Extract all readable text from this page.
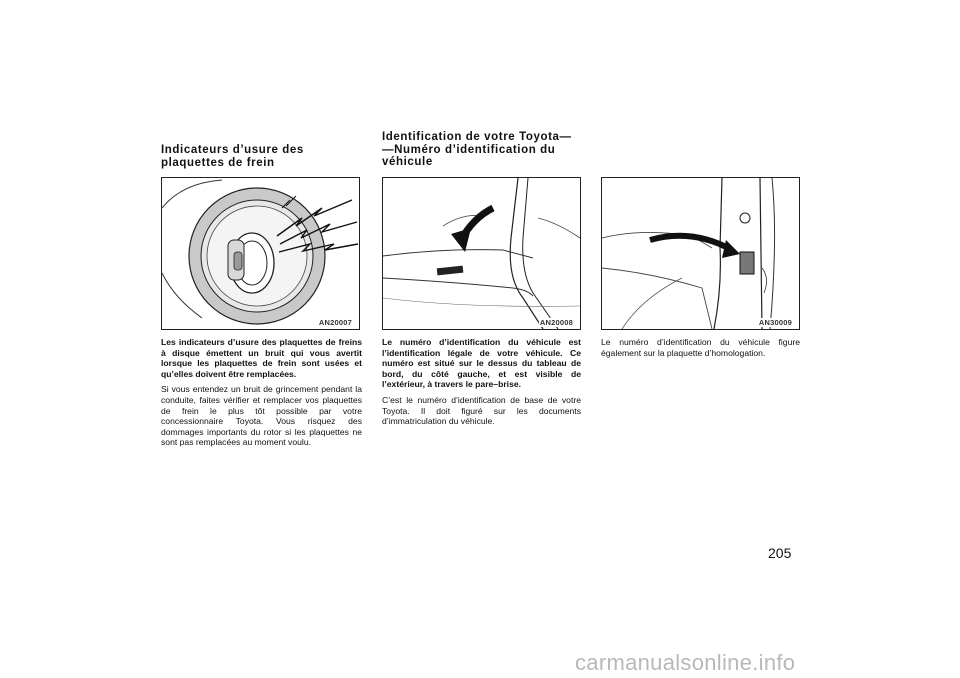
Indicateurs d’usure des
plaquettes de frein
Identification de votre Toyota—
—Numéro d’identification du
véhicule
AN20007	AN20008	AN30009

Les indicateurs d’usure des plaquettes de freins à disque émettent un bruit qui vous avertit lorsque les plaquettes de frein sont usées et qu’elles doivent être remplacées.

Si vous entendez un bruit de grincement pendant la conduite, faites vérifier et remplacer vos plaquettes de frein le plus tôt possible par votre concessionnaire Toyota. Vous risquez des dommages importants du rotor si les plaquettes ne sont pas remplacées au moment voulu.

Le numéro d’identification du véhicule est l’identification légale de votre véhicule. Ce numéro est situé sur le dessus du tableau de bord, du côté gauche, et est visible de l’extérieur, à travers le pare–brise.

C’est le numéro d’identification de base de votre Toyota. Il doit figuré sur les documents d’immatriculation du véhicule.

Le numéro d’identification du véhicule figure également sur la plaquette d’homologation.

205
carmanualsonline.info
